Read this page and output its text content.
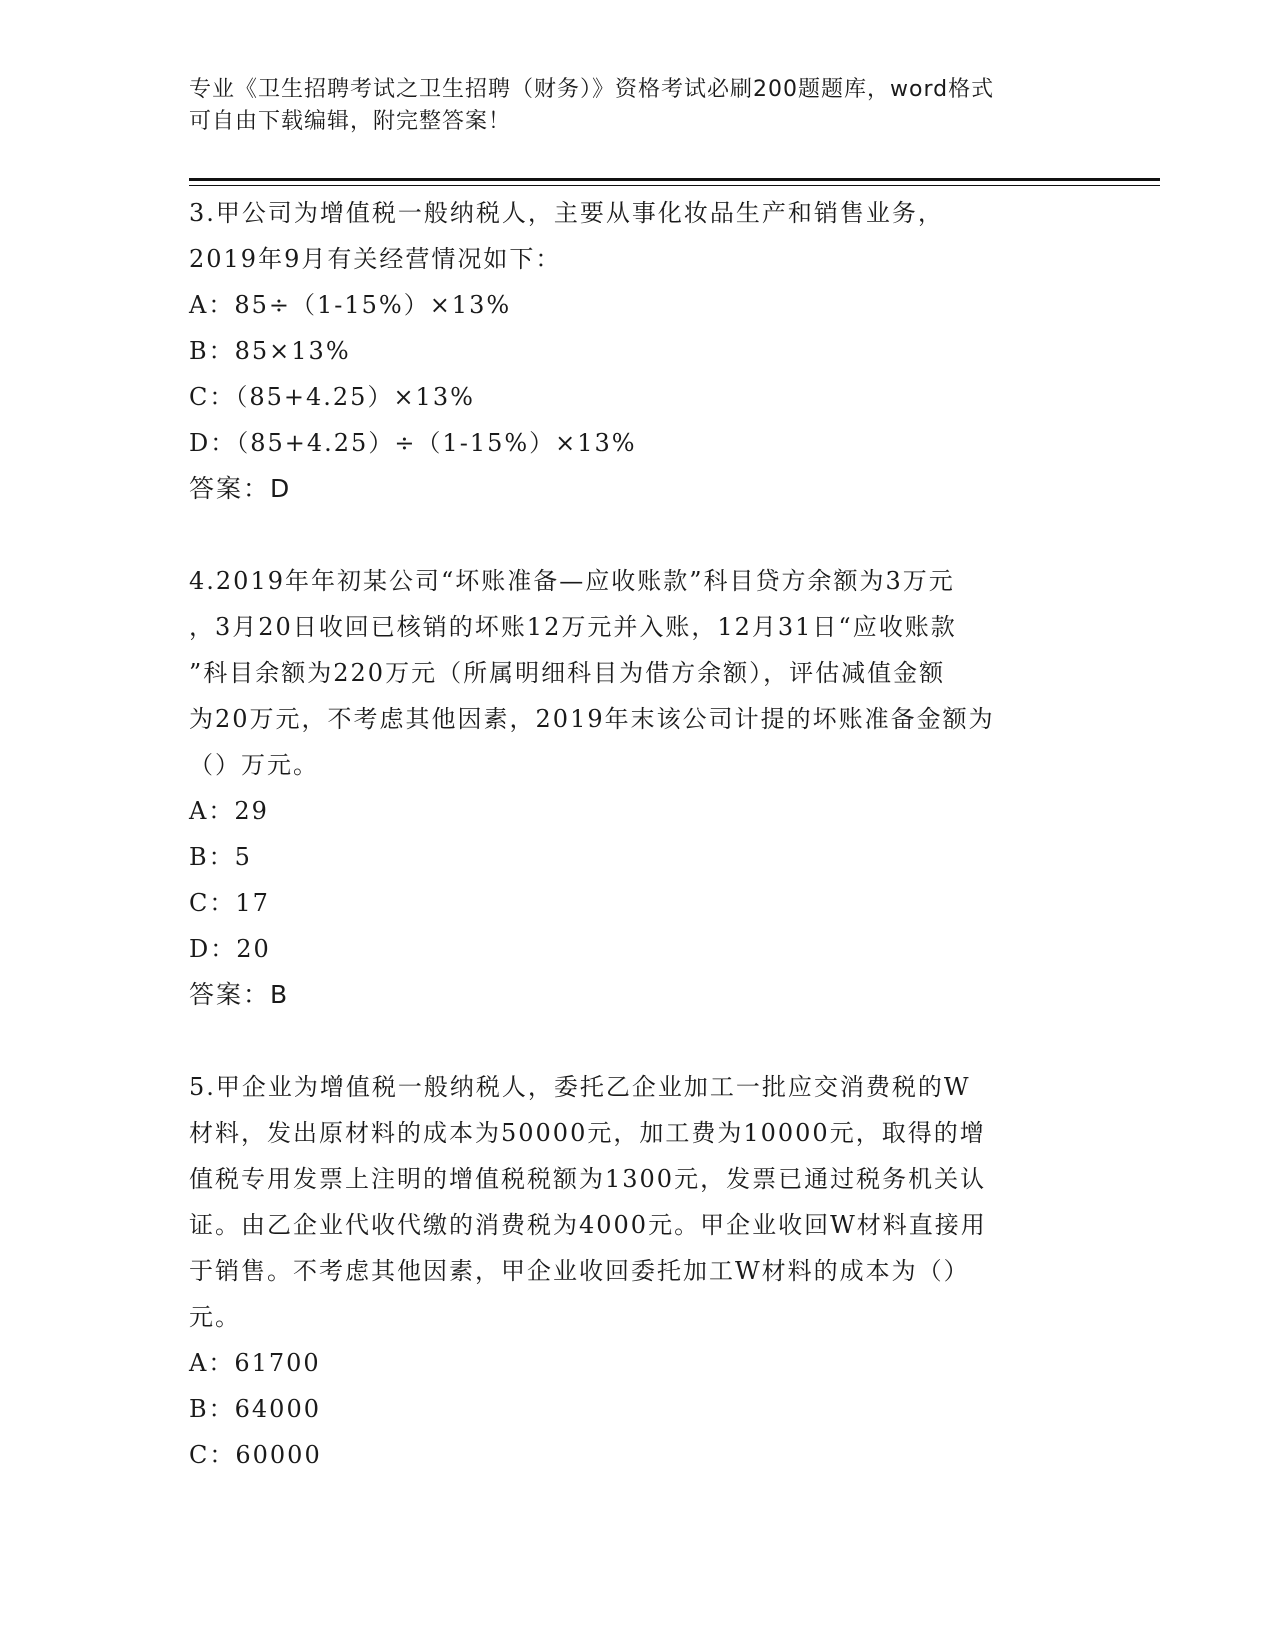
专业《卫生招聘考试之卫生招聘（财务）》资格考试必刷200题题库，word格式
可自由下载编辑，附完整答案！
3.甲公司为增值税一般纳税人，主要从事化妆品生产和销售业务，
2019年9月有关经营情况如下：
A：85÷（1-15%）×13%
B：85×13%
C：（85+4.25）×13%
D：（85+4.25）÷（1-15%）×13%
答案：D
4.2019年年初某公司“坏账准备—应收账款”科目贷方余额为3万元
，3月20日收回已核销的坏账12万元并入账，12月31日“应收账款
”科目余额为220万元（所属明细科目为借方余额），评估减值金额
为20万元，不考虑其他因素，2019年末该公司计提的坏账准备金额为
（）万元。
A：29
B：5
C：17
D：20
答案：B
5.甲企业为增值税一般纳税人，委托乙企业加工一批应交消费税的W
材料，发出原材料的成本为50000元，加工费为10000元，取得的增
值税专用发票上注明的增值税税额为1300元，发票已通过税务机关认
证。由乙企业代收代缴的消费税为4000元。甲企业收回W材料直接用
于销售。不考虑其他因素，甲企业收回委托加工W材料的成本为（）
元。
A：61700
B：64000
C：60000
